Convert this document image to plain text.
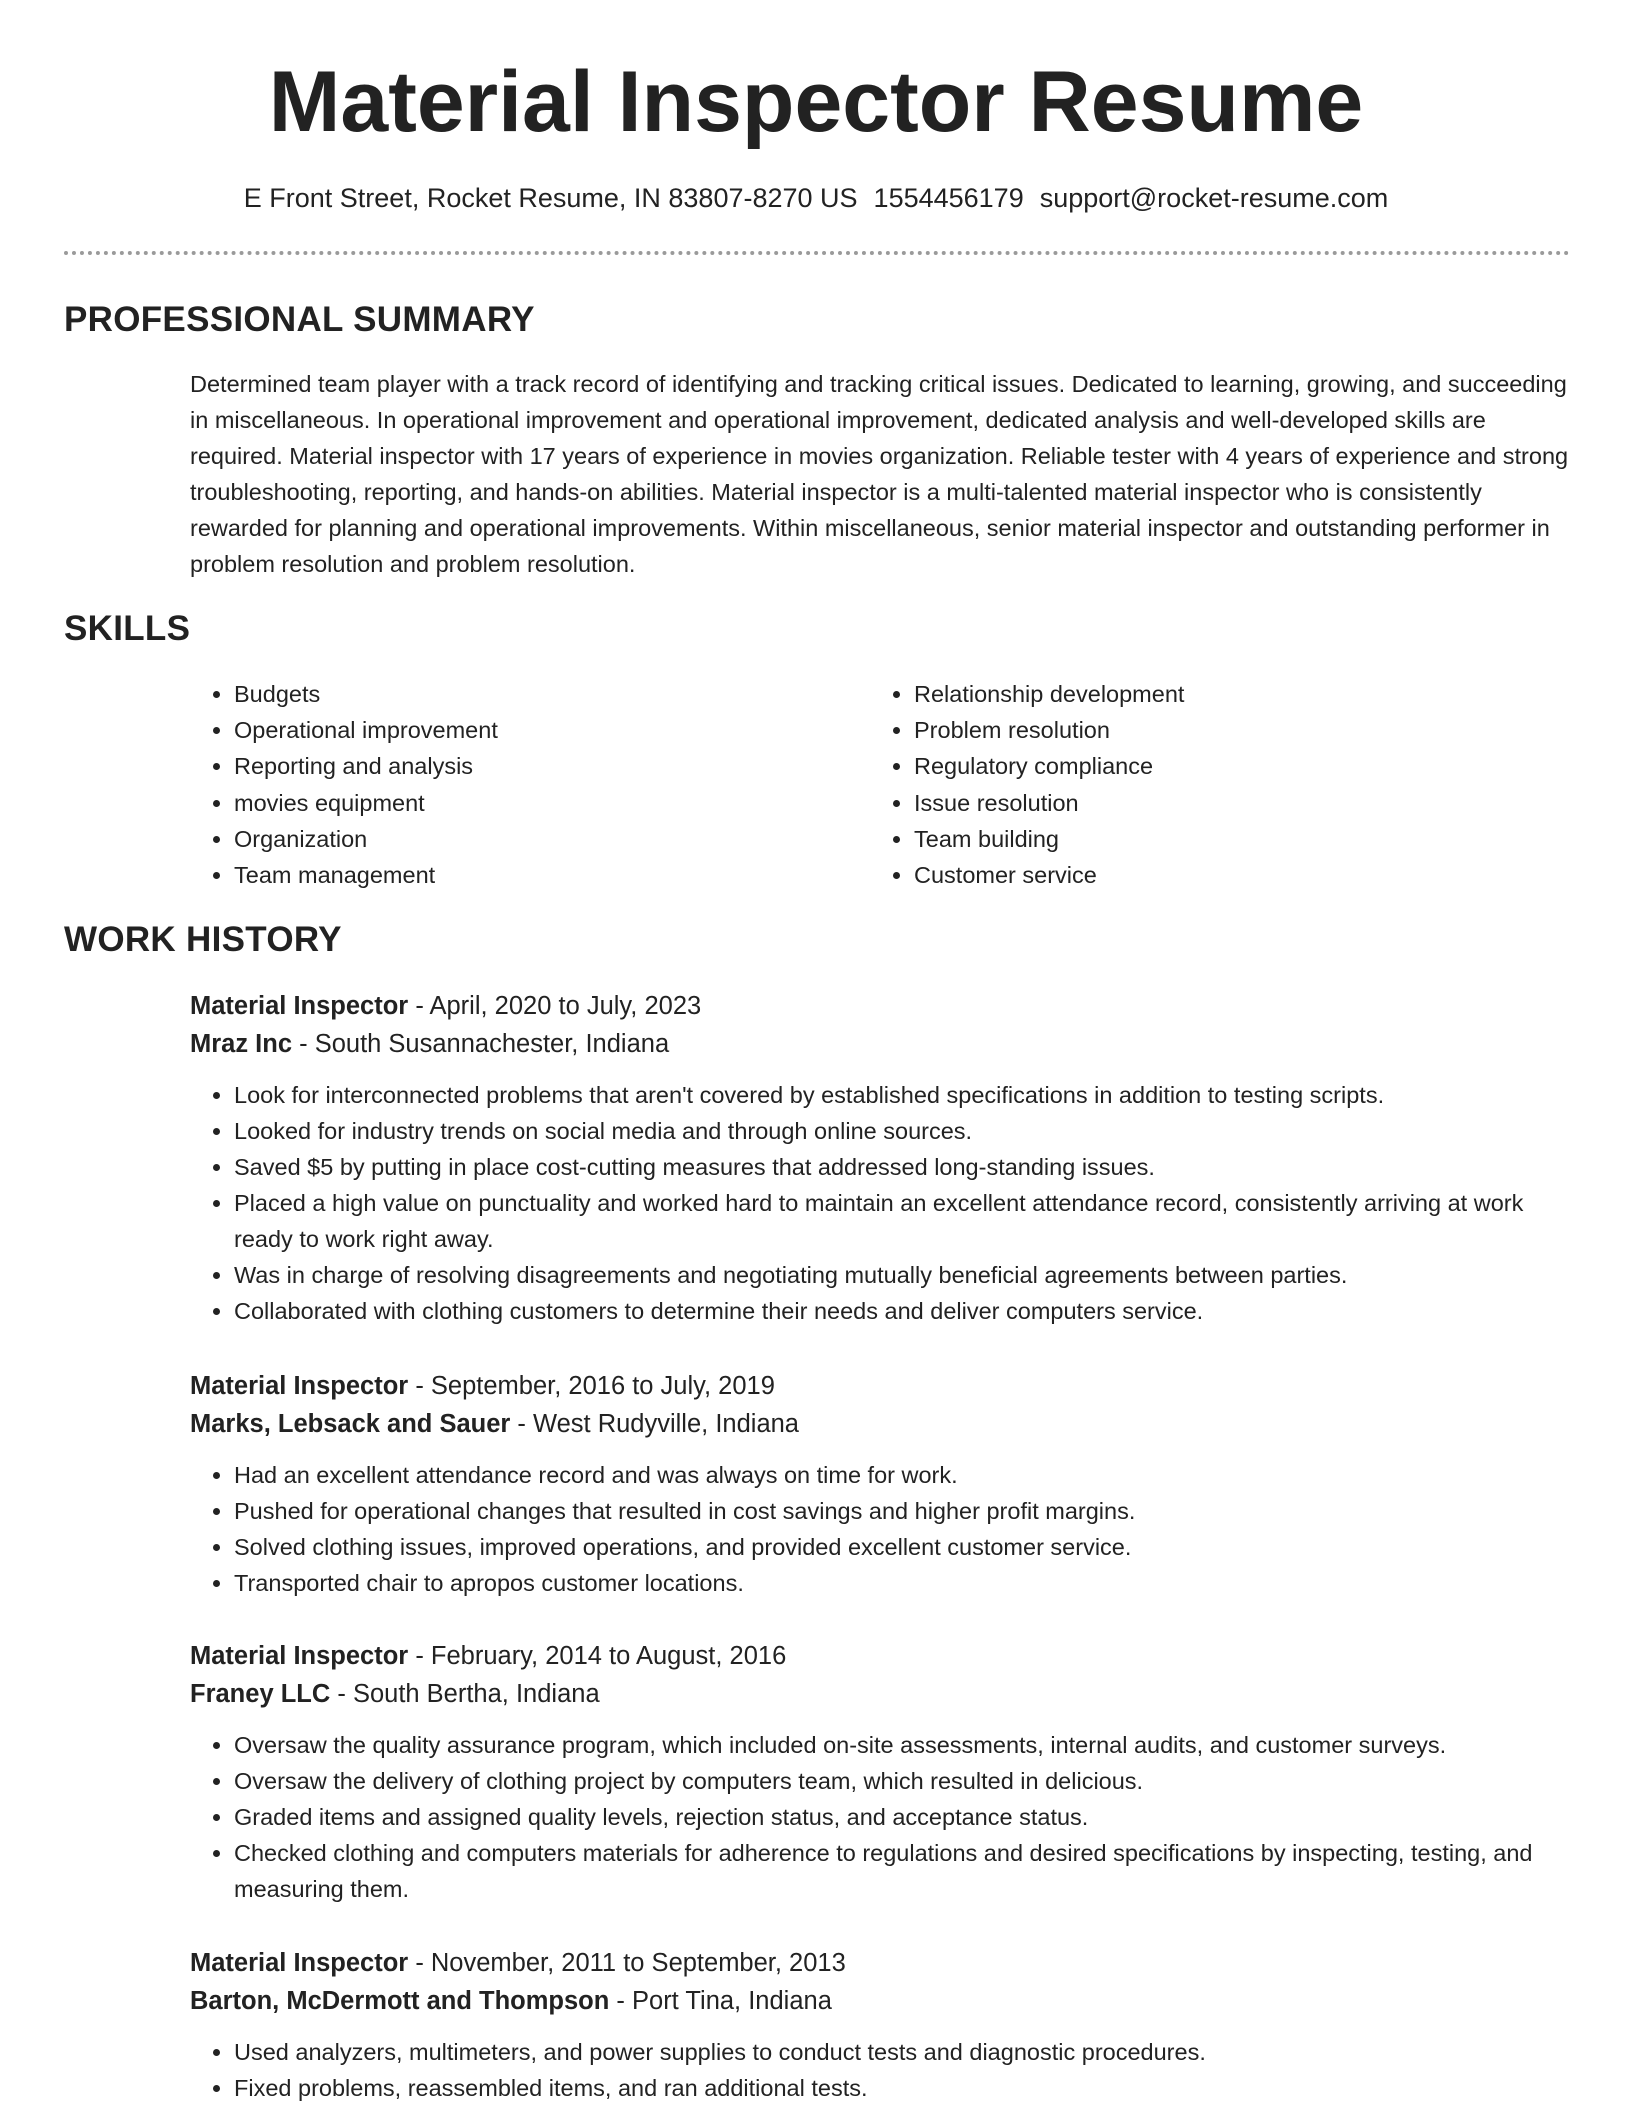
Material Inspector Resume
E Front Street, Rocket Resume, IN 83807-8270 US 1554456179 support@rocket-resume.com
PROFESSIONAL SUMMARY

Determined team player with a track record of identifying and tracking critical issues. Dedicated to learning, growing, and succeeding in miscellaneous. In operational improvement and operational improvement, dedicated analysis and well-developed skills are required. Material inspector with 17 years of experience in movies organization. Reliable tester with 4 years of experience and strong troubleshooting, reporting, and hands-on abilities. Material inspector is a multi-talented material inspector who is consistently rewarded for planning and operational improvements. Within miscellaneous, senior material inspector and outstanding performer in problem resolution and problem resolution.

SKILLS
• Budgets
• Operational improvement
• Reporting and analysis
• movies equipment
• Organization
• Team management
• Relationship development
• Problem resolution
• Regulatory compliance
• Issue resolution
• Team building
• Customer service
WORK HISTORY

Material Inspector - April, 2020 to July, 2023

Mraz Inc - South Susannachester, Indiana

• Look for interconnected problems that aren't covered by established specifications in addition to testing scripts.
• Looked for industry trends on social media and through online sources.
• Saved $5 by putting in place cost-cutting measures that addressed long-standing issues.
• Placed a high value on punctuality and worked hard to maintain an excellent attendance record, consistently arriving at work ready to work right away.
• Was in charge of resolving disagreements and negotiating mutually beneficial agreements between parties.
• Collaborated with clothing customers to determine their needs and deliver computers service.

Material Inspector - September, 2016 to July, 2019

Marks, Lebsack and Sauer - West Rudyville, Indiana

• Had an excellent attendance record and was always on time for work.
• Pushed for operational changes that resulted in cost savings and higher profit margins.
• Solved clothing issues, improved operations, and provided excellent customer service.
• Transported chair to apropos customer locations.

Material Inspector - February, 2014 to August, 2016

Franey LLC - South Bertha, Indiana

• Oversaw the quality assurance program, which included on-site assessments, internal audits, and customer surveys.
• Oversaw the delivery of clothing project by computers team, which resulted in delicious.
• Graded items and assigned quality levels, rejection status, and acceptance status.
• Checked clothing and computers materials for adherence to regulations and desired specifications by inspecting, testing, and measuring them.

Material Inspector - November, 2011 to September, 2013

Barton, McDermott and Thompson - Port Tina, Indiana

• Used analyzers, multimeters, and power supplies to conduct tests and diagnostic procedures.
• Fixed problems, reassembled items, and ran additional tests.
